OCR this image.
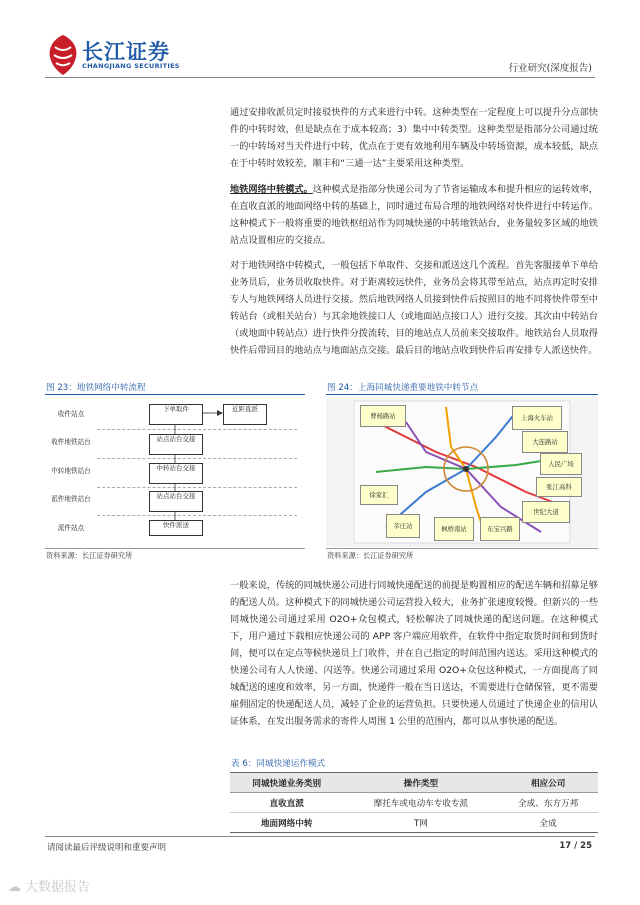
长江证券
CHANGJIANG SECURITIES	行业研究(深度报告)
通过安排收派员定时接驳快件的方式来进行中转。这种类型在一定程度上可以提升分点部快件的中转时效，但是缺点在于成本较高；3）集中中转类型。这种类型是指部分公司通过统一的中转场对当天件进行中转，优点在于更有效地利用车辆及中转场资源，成本较低，缺点在于中转时效较差，顺丰和“三通一达”主要采用这种类型。
地铁网络中转模式。这种模式是指部分快递公司为了节省运输成本和提升相应的运转效率，在直收直派的地面网络中转的基础上，同时通过布局合理的地铁网络对快件进行中转运作。这种模式下一般将重要的地铁枢纽站作为同城快递的中转地铁站台，业务量较多区域的地铁站点设置相应的交接点。
对于地铁网络中转模式，一般包括下单取件、交接和派送这几个流程。首先客服接单下单给业务员后，业务员收取快件。对于距离较远快件，业务员会将其带至站点，站点再定时安排专人与地铁网络人员进行交接。然后地铁网络人员接到快件后按照目的地不同将快件带至中转站台（或相关站台）与其余地铁接口人（或地面站点接口人）进行交接。其次由中转站台（或地面中转站点）进行快件分拨流转，目的地站点人员前来交接取件。地铁站台人员取得快件后带回目的地站点与地面站点交接。最后目的地站点收到快件后再安排专人派送快件。
图 23：地铁网络中转流程
收件站点
收件地铁站台
中转地铁站台
派件地铁站台
派件站点
下单取件	近距直派
站点站台交接
中转站台交接
站点站台交接
快件派送
资料来源：长江证券研究所
图 24：上海同城快递重要地铁中转节点
曹杨路站	上海火车站
大连路站
人民广场
张江高科
世纪大道
莘庄站	枫桥南站	东宝兴路
徐家汇
资料来源：长江证券研究所
一般来说，传统的同城快递公司进行同城快递配送的前提是购置相应的配送车辆和招募足够的配送人员。这种模式下的同城快递公司运营投入较大，业务扩张速度较慢。但新兴的一些同城快递公司通过采用 O2O+众包模式，轻松解决了同城快递的配送问题。在这种模式下，用户通过下载相应快递公司的 APP 客户端应用软件，在软件中指定取货时间和到货时间，便可以在定点等候快递员上门收件，并在自己指定的时间范围内送达。采用这种模式的快递公司有人人快递、闪送等。快递公司通过采用 O2O+众包这种模式，一方面提高了同城配送的速度和效率，另一方面，快递件一般在当日送达，不需要进行仓储保管，更不需要雇佣固定的快递配送人员，减轻了企业的运营负担。只要快递人员通过了快递企业的信用认证体系，在发出服务需求的寄件人周围 1 公里的范围内，都可以从事快递的配送。
表 6：同城快递运作模式
同城快递业务类别	操作类型	相应公司
直收直派	摩托车或电动车专收专派	全成、东方万邦
地面网络中转	T网	全成
请阅读最后评级说明和重要声明	17 / 25
☁ 大数据报告
